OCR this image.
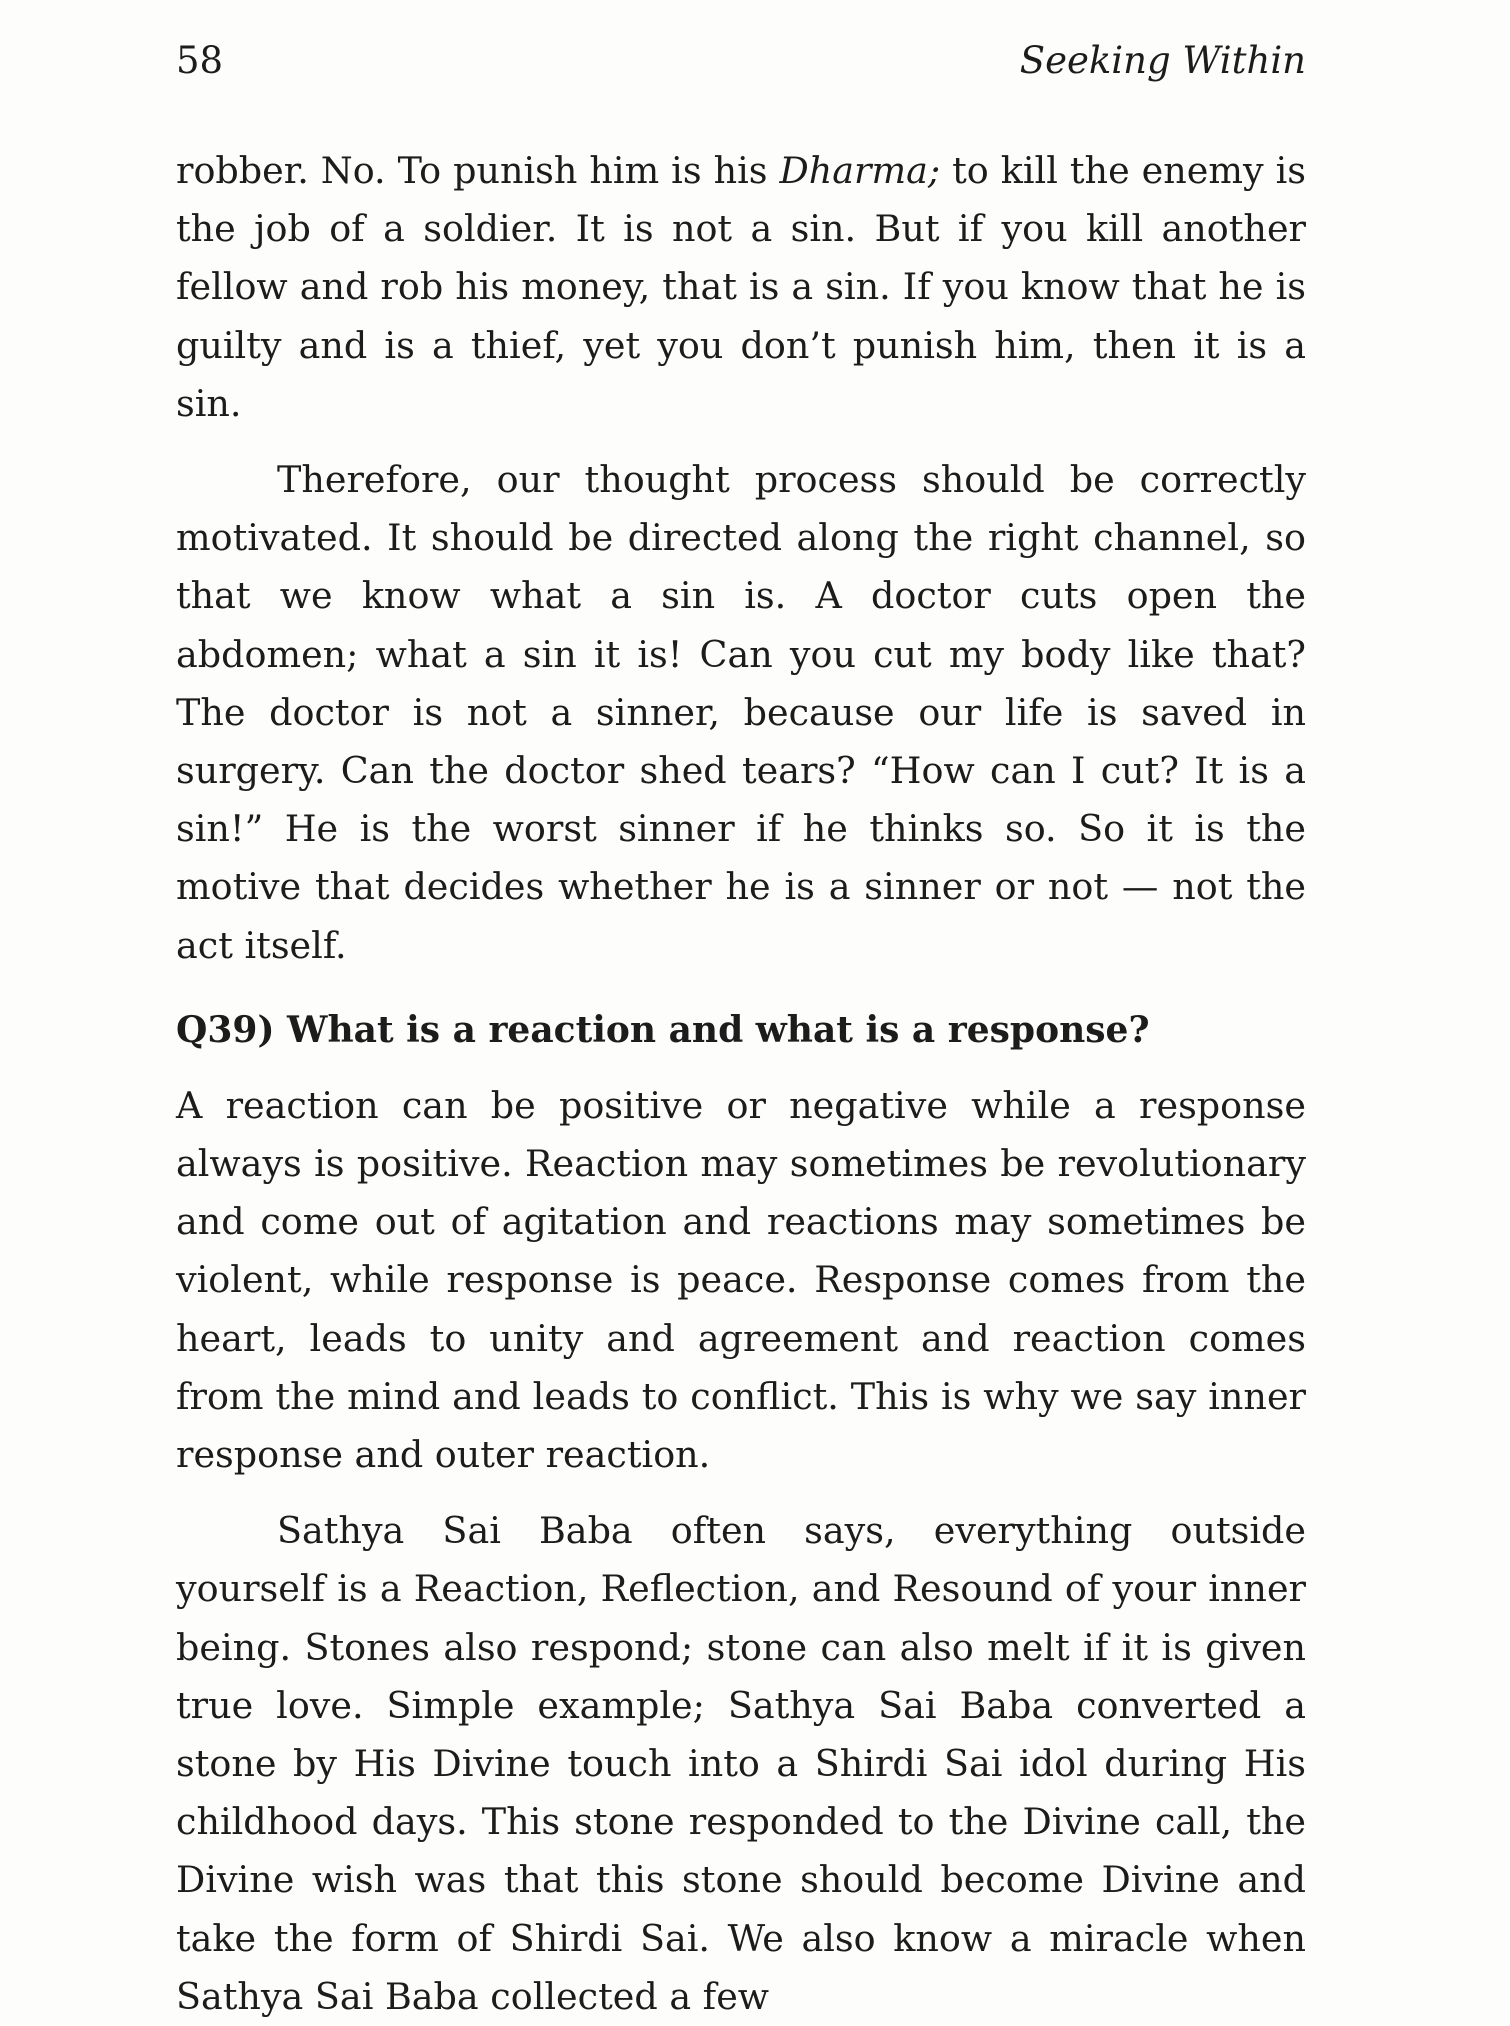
58	Seeking Within

robber. No. To punish him is his Dharma; to kill the enemy is the job of a soldier. It is not a sin. But if you kill another fellow and rob his money, that is a sin. If you know that he is guilty and is a thief, yet you don’t punish him, then it is a sin.

Therefore, our thought process should be correctly motivated. It should be directed along the right channel, so that we know what a sin is. A doctor cuts open the abdomen; what a sin it is! Can you cut my body like that? The doctor is not a sinner, because our life is saved in surgery. Can the doctor shed tears? “How can I cut? It is a sin!” He is the worst sinner if he thinks so. So it is the motive that decides whether he is a sinner or not — not the act itself.

Q39) What is a reaction and what is a response?

A reaction can be positive or negative while a response always is positive. Reaction may sometimes be revolutionary and come out of agitation and reactions may sometimes be violent, while response is peace. Response comes from the heart, leads to unity and agreement and reaction comes from the mind and leads to conflict. This is why we say inner response and outer reaction.

Sathya Sai Baba often says, everything outside yourself is a Reaction, Reflection, and Resound of your inner being. Stones also respond; stone can also melt if it is given true love. Simple example; Sathya Sai Baba converted a stone by His Divine touch into a Shirdi Sai idol during His childhood days. This stone responded to the Divine call, the Divine wish was that this stone should become Divine and take the form of Shirdi Sai. We also know a miracle when Sathya Sai Baba collected a few
